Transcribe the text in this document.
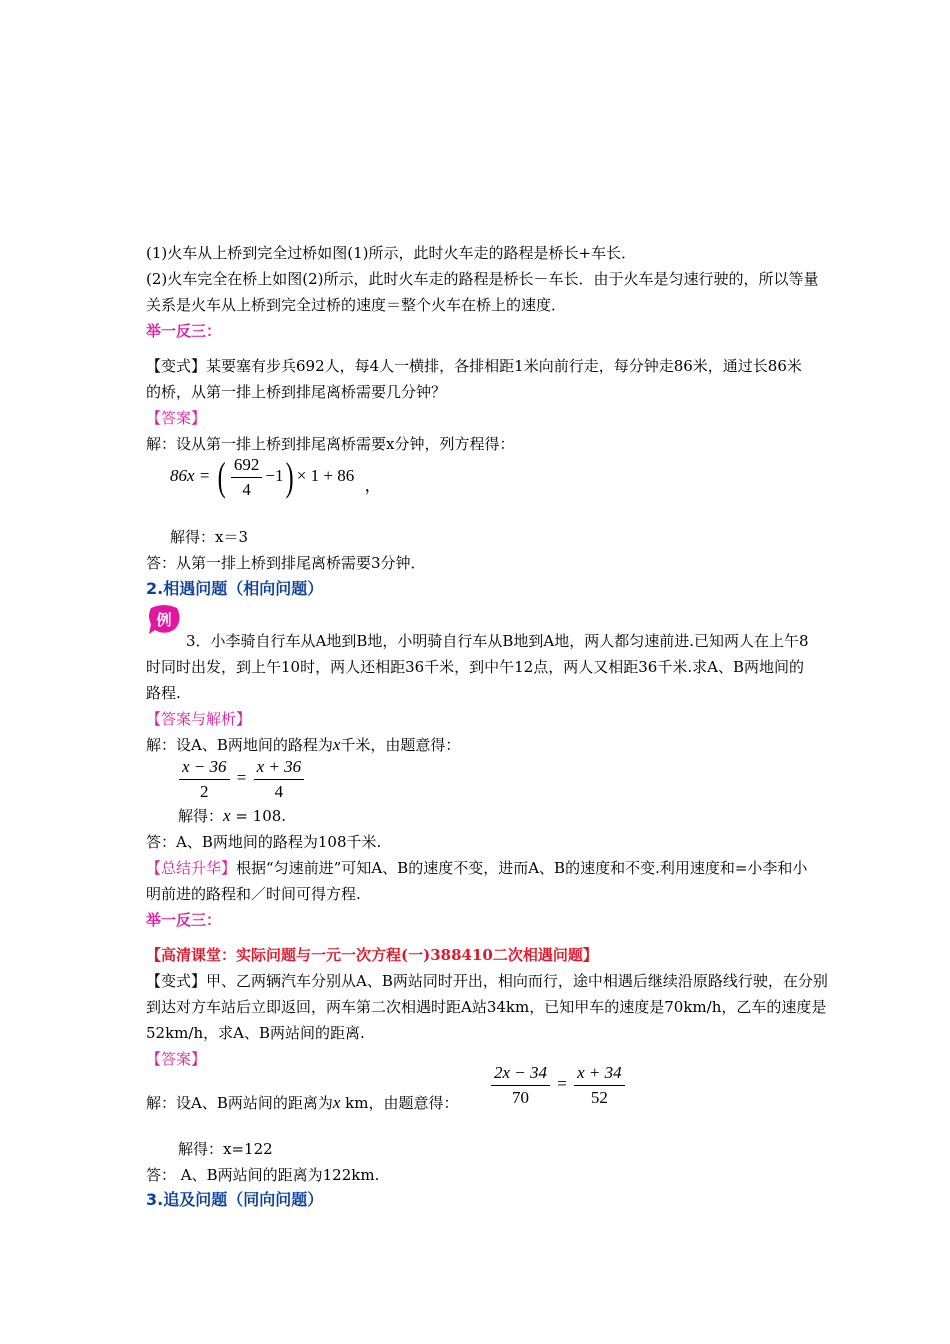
(1)火车从上桥到完全过桥如图(1)所示，此时火车走的路程是桥长+车长．
(2)火车完全在桥上如图(2)所示，此时火车走的路程是桥长－车长．由于火车是匀速行驶的，所以等量
关系是火车从上桥到完全过桥的速度＝整个火车在桥上的速度．
举一反三：
【变式】某要塞有步兵692人，每4人一横排，各排相距1米向前行走，每分钟走86米，通过长86米
的桥，从第一排上桥到排尾离桥需要几分钟？
【答案】
解：设从第一排上桥到排尾离桥需要x分钟，列方程得：
86x = ( $\frac{692}{4} -1) \times 1 + 86$ ，
解得：x＝3
答：从第一排上桥到排尾离桥需要3分钟．
2.相遇问题（相向问题）
例
3．小李骑自行车从A地到B地，小明骑自行车从B地到A地，两人都匀速前进.已知两人在上午8
时同时出发，到上午10时，两人还相距36千米，到中午12点，两人又相距36千米.求A、B两地间的
路程.
【答案与解析】
解：设A、B两地间的路程为x千米，由题意得：
$\frac{x - 36}{2} = \frac{x + 36}{4}$
解得：x = 108.
答：A、B两地间的路程为108千米.
【总结升华】根据“匀速前进”可知A、B的速度不变，进而A、B的速度和不变.利用速度和=小李和小
明前进的路程和／时间可得方程.
举一反三：
【高清课堂：实际问题与一元一次方程(一)388410二次相遇问题】
【变式】甲、乙两辆汽车分别从A、B两站同时开出，相向而行，途中相遇后继续沿原路线行驶，在分别
到达对方车站后立即返回，两车第二次相遇时距A站34km，已知甲车的速度是70km/h，乙车的速度是
52km/h，求A、B两站间的距离.
【答案】
$\frac{2x - 34}{70} = \frac{x + 34}{52}$
解：设A、B两站间的距离为x km，由题意得：
解得：x=122
答： A、B两站间的距离为122km.
3.追及问题（同向问题）
